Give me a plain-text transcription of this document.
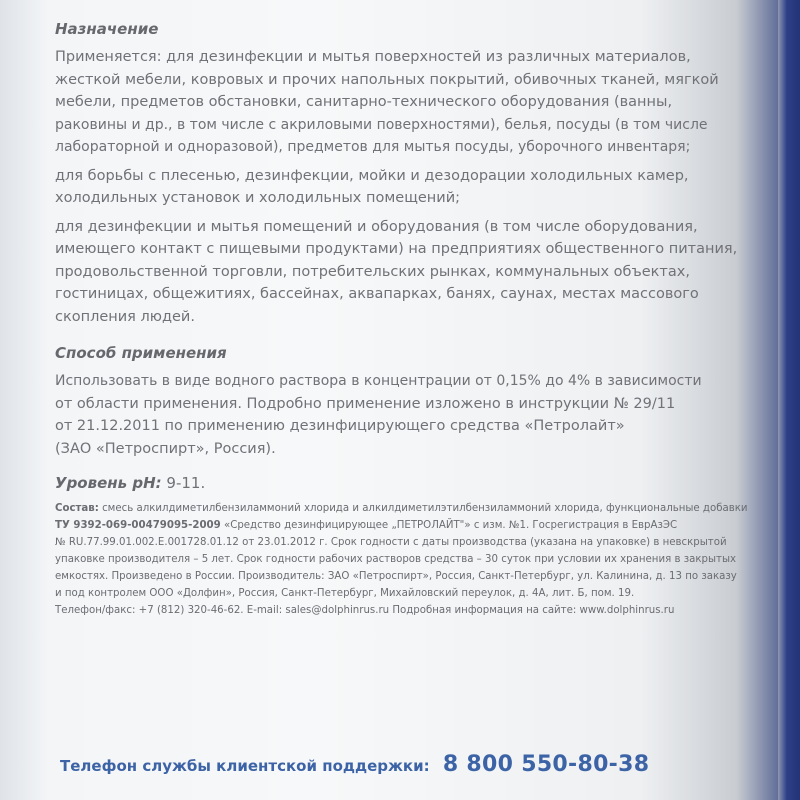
Назначение

Применяется: для дезинфекции и мытья поверхностей из различных материалов,

жесткой мебели, ковровых и прочих напольных покрытий, обивочных тканей, мягкой

мебели, предметов обстановки, санитарно-технического оборудования (ванны,

раковины и др., в том числе с акриловыми поверхностями), белья, посуды (в том числе

лабораторной и одноразовой), предметов для мытья посуды, уборочного инвентаря;

для борьбы с плесенью, дезинфекции, мойки и дезодорации холодильных камер,

холодильных установок и холодильных помещений;

для дезинфекции и мытья помещений и оборудования (в том числе оборудования,

имеющего контакт с пищевыми продуктами) на предприятиях общественного питания,

продовольственной торговли, потребительских рынках, коммунальных объектах,

гостиницах, общежитиях, бассейнах, аквапарках, банях, саунах, местах массового

скопления людей.

Способ применения

Использовать в виде водного раствора в концентрации от 0,15% до 4% в зависимости

от области применения. Подробно применение изложено в инструкции № 29/11

от 21.12.2011 по применению дезинфицирующего средства «Петролайт»

(ЗАО «Петроспирт», Россия).

Уровень рН: 9-11.

Состав: смесь алкилдиметилбензиламмоний хлорида и алкилдиметилэтилбензиламмоний хлорида, функциональные добавки

ТУ 9392-069-00479095-2009 «Средство дезинфицирующее „ПЕТРОЛАЙТ"» с изм. №1. Госрегистрация в ЕврАзЭС

№ RU.77.99.01.002.Е.001728.01.12 от 23.01.2012 г. Срок годности с даты производства (указана на упаковке) в невскрытой

упаковке производителя – 5 лет. Срок годности рабочих растворов средства – 30 суток при условии их хранения в закрытых

емкостях. Произведено в России. Производитель: ЗАО «Петроспирт», Россия, Санкт-Петербург, ул. Калинина, д. 13 по заказу

и под контролем ООО «Долфин», Россия, Санкт-Петербург, Михайловский переулок, д. 4А, лит. Б, пом. 19.

Телефон/факс: +7 (812) 320-46-62. E-mail: sales@dolphinrus.ru Подробная информация на сайте: www.dolphinrus.ru

Телефон службы клиентской поддержки: 8 800 550-80-38
